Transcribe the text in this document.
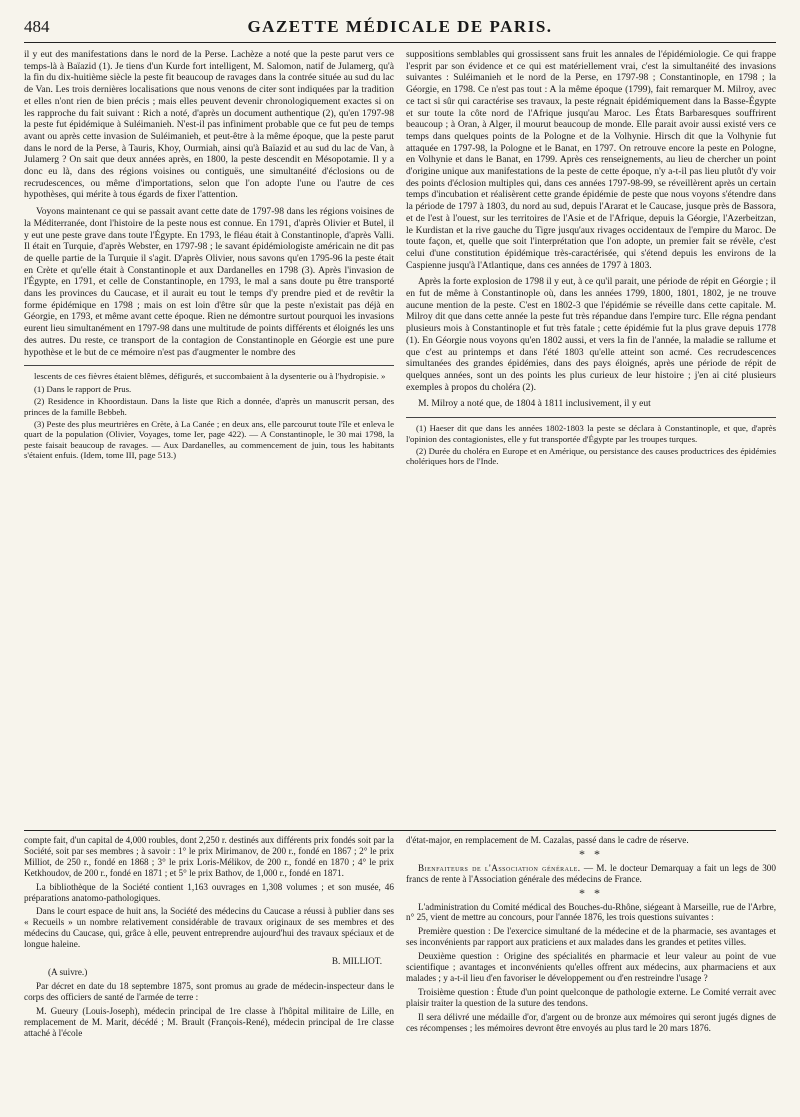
484	GAZETTE MÉDICALE DE PARIS.

il y eut des manifestations dans le nord de la Perse. Lachèze a noté que la peste parut vers ce temps-là à Baïazid (1). Je tiens d'un Kurde fort intelligent, M. Salomon, natif de Julamerg, qu'à la fin du dix-huitième siècle la peste fit beaucoup de ravages dans la contrée située au sud du lac de Van. Les trois dernières localisations que nous venons de citer sont indiquées par la tradition et elles n'ont rien de bien précis ; mais elles peuvent devenir chronologiquement exactes si on les rapproche du fait suivant : Rich a noté, d'après un document authentique (2), qu'en 1797-98 la peste fut épidémique à Suléimanieh. N'est-il pas infiniment probable que ce fut peu de temps avant ou après cette invasion de Suléimanieh, et peut-être à la même époque, que la peste parut dans le nord de la Perse, à Tauris, Khoy, Ourmiah, ainsi qu'à Baïazid et au sud du lac de Van, à Julamerg ? On sait que deux années après, en 1800, la peste descendit en Mésopotamie. Il y a donc eu là, dans des régions voisines ou contiguës, une simultanéité d'éclosions ou de recrudescences, ou même d'importations, selon que l'on adopte l'une ou l'autre de ces hypothèses, qui mérite à tous égards de fixer l'attention.

Voyons maintenant ce qui se passait avant cette date de 1797-98 dans les régions voisines de la Méditerranée, dont l'histoire de la peste nous est connue. En 1791, d'après Olivier et Butel, il y eut une peste grave dans toute l'Égypte. En 1793, le fléau était à Constantinople, d'après Valli. Il était en Turquie, d'après Webster, en 1797-98 ; le savant épidémiologiste américain ne dit pas de quelle partie de la Turquie il s'agit. D'après Olivier, nous savons qu'en 1795-96 la peste était en Crète et qu'elle était à Constantinople et aux Dardanelles en 1798 (3). Après l'invasion de l'Égypte, en 1791, et celle de Constantinople, en 1793, le mal a sans doute pu être transporté dans les provinces du Caucase, et il aurait eu tout le temps d'y prendre pied et de revêtir la forme épidémique en 1798 ; mais on est loin d'être sûr que la peste n'existait pas déjà en Géorgie, en 1793, et même avant cette époque. Rien ne démontre surtout pourquoi les invasions eurent lieu simultanément en 1797-98 dans une multitude de points différents et éloignés les uns des autres. Du reste, ce transport de la contagion de Constantinople en Géorgie est une pure hypothèse et le but de ce mémoire n'est pas d'augmenter le nombre des

lescents de ces fièvres étaient blêmes, défigurés, et succombaient à la dysenterie ou à l'hydropisie. »

(1) Dans le rapport de Prus.

(2) Residence in Khoordistaun. Dans la liste que Rich a donnée, d'après un manuscrit persan, des princes de la famille Bebbeh.

(3) Peste des plus meurtrières en Crète, à La Canée ; en deux ans, elle parcourut toute l'île et enleva le quart de la population (Olivier, Voyages, tome Ier, page 422). — A Constantinople, le 30 mai 1798, la peste faisait beaucoup de ravages. — Aux Dardanelles, au commencement de juin, tous les habitants s'étaient enfuis. (Idem, tome III, page 513.)

suppositions semblables qui grossissent sans fruit les annales de l'épidémiologie. Ce qui frappe l'esprit par son évidence et ce qui est matériellement vrai, c'est la simultanéité des invasions suivantes : Suléimanieh et le nord de la Perse, en 1797-98 ; Constantinople, en 1798 ; la Géorgie, en 1798. Ce n'est pas tout : A la même époque (1799), fait remarquer M. Milroy, avec ce tact si sûr qui caractérise ses travaux, la peste régnait épidémiquement dans la Basse-Égypte et sur toute la côte nord de l'Afrique jusqu'au Maroc. Les États Barbaresques souffrirent beaucoup ; à Oran, à Alger, il mourut beaucoup de monde. Elle parait avoir aussi existé vers ce temps dans quelques points de la Pologne et de la Volhynie. Hirsch dit que la Volhynie fut attaquée en 1797-98, la Pologne et le Banat, en 1797. On retrouve encore la peste en Pologne, en Volhynie et dans le Banat, en 1799. Après ces renseignements, au lieu de chercher un point d'origine unique aux manifestations de la peste de cette époque, n'y a-t-il pas lieu plutôt d'y voir des points d'éclosion multiples qui, dans ces années 1797-98-99, se réveillèrent après un certain temps d'incubation et réalisèrent cette grande épidémie de peste que nous voyons s'étendre dans la période de 1797 à 1803, du nord au sud, depuis l'Ararat et le Caucase, jusque près de Bassora, et de l'est à l'ouest, sur les territoires de l'Asie et de l'Afrique, depuis la Géorgie, l'Azerbeitzan, le Kurdistan et la rive gauche du Tigre jusqu'aux rivages occidentaux de l'empire du Maroc. De toute façon, et, quelle que soit l'interprétation que l'on adopte, un premier fait se révèle, c'est celui d'une constitution épidémique très-caractérisée, qui s'étend depuis les environs de la Caspienne jusqu'à l'Atlantique, dans ces années de 1797 à 1803.

Après la forte explosion de 1798 il y eut, à ce qu'il parait, une période de répit en Géorgie ; il en fut de même à Constantinople où, dans les années 1799, 1800, 1801, 1802, je ne trouve aucune mention de la peste. C'est en 1802-3 que l'épidémie se réveille dans cette capitale. M. Milroy dit que dans cette année la peste fut très répandue dans l'empire turc. Elle régna pendant plusieurs mois à Constantinople et fut très fatale ; cette épidémie fut la plus grave depuis 1778 (1). En Géorgie nous voyons qu'en 1802 aussi, et vers la fin de l'année, la maladie se rallume et que c'est au printemps et dans l'été 1803 qu'elle atteint son acmé. Ces recrudescences simultanées des grandes épidémies, dans des pays éloignés, après une période de répit de quelques années, sont un des points les plus curieux de leur histoire ; j'en ai cité plusieurs exemples à propos du choléra (2).

M. Milroy a noté que, de 1804 à 1811 inclusivement, il y eut

(1) Haeser dit que dans les années 1802-1803 la peste se déclara à Constantinople, et que, d'après l'opinion des contagionistes, elle y fut transportée d'Égypte par les troupes turques.

(2) Durée du choléra en Europe et en Amérique, ou persistance des causes productrices des épidémies cholériques hors de l'Inde.

compte fait, d'un capital de 4,000 roubles, dont 2,250 r. destinés aux différents prix fondés soit par la Société, soit par ses membres ; à savoir : 1° le prix Mirimanov, de 200 r., fondé en 1867 ; 2° le prix Milliot, de 250 r., fondé en 1868 ; 3° le prix Loris-Mélikov, de 200 r., fondé en 1870 ; 4° le prix Ketkhoudov, de 200 r., fondé en 1871 ; et 5° le prix Bathov, de 1,000 r., fondé en 1871.

La bibliothèque de la Société contient 1,163 ouvrages en 1,308 volumes ; et son musée, 46 préparations anatomo-pathologiques.

Dans le court espace de huit ans, la Société des médecins du Caucase a réussi à publier dans ses « Recueils » un nombre relativement considérable de travaux originaux de ses membres et des médecins du Caucase, qui, grâce à elle, peuvent entreprendre aujourd'hui des travaux spéciaux et de longue haleine.

B. MILLIOT.

(A suivre.)

Par décret en date du 18 septembre 1875, sont promus au grade de médecin-inspecteur dans le corps des officiers de santé de l'armée de terre :

M. Gueury (Louis-Joseph), médecin principal de 1re classe à l'hôpital militaire de Lille, en remplacement de M. Marit, décédé ; M. Brault (François-René), médecin principal de 1re classe attaché à l'école

d'état-major, en remplacement de M. Cazalas, passé dans le cadre de réserve.

* *

Bienfaiteurs de l'Association générale. — M. le docteur Demarquay a fait un legs de 300 francs de rente à l'Association générale des médecins de France.

* *

L'administration du Comité médical des Bouches-du-Rhône, siégeant à Marseille, rue de l'Arbre, n° 25, vient de mettre au concours, pour l'année 1876, les trois questions suivantes :

Première question : De l'exercice simultané de la médecine et de la pharmacie, ses avantages et ses inconvénients par rapport aux praticiens et aux malades dans les grandes et petites villes.

Deuxième question : Origine des spécialités en pharmacie et leur valeur au point de vue scientifique ; avantages et inconvénients qu'elles offrent aux médecins, aux pharmaciens et aux malades ; y a-t-il lieu d'en favoriser le développement ou d'en restreindre l'usage ?

Troisième question : Étude d'un point quelconque de pathologie externe. Le Comité verrait avec plaisir traiter la question de la suture des tendons.

Il sera délivré une médaille d'or, d'argent ou de bronze aux mémoires qui seront jugés dignes de ces récompenses ; les mémoires devront être envoyés au plus tard le 20 mars 1876.
